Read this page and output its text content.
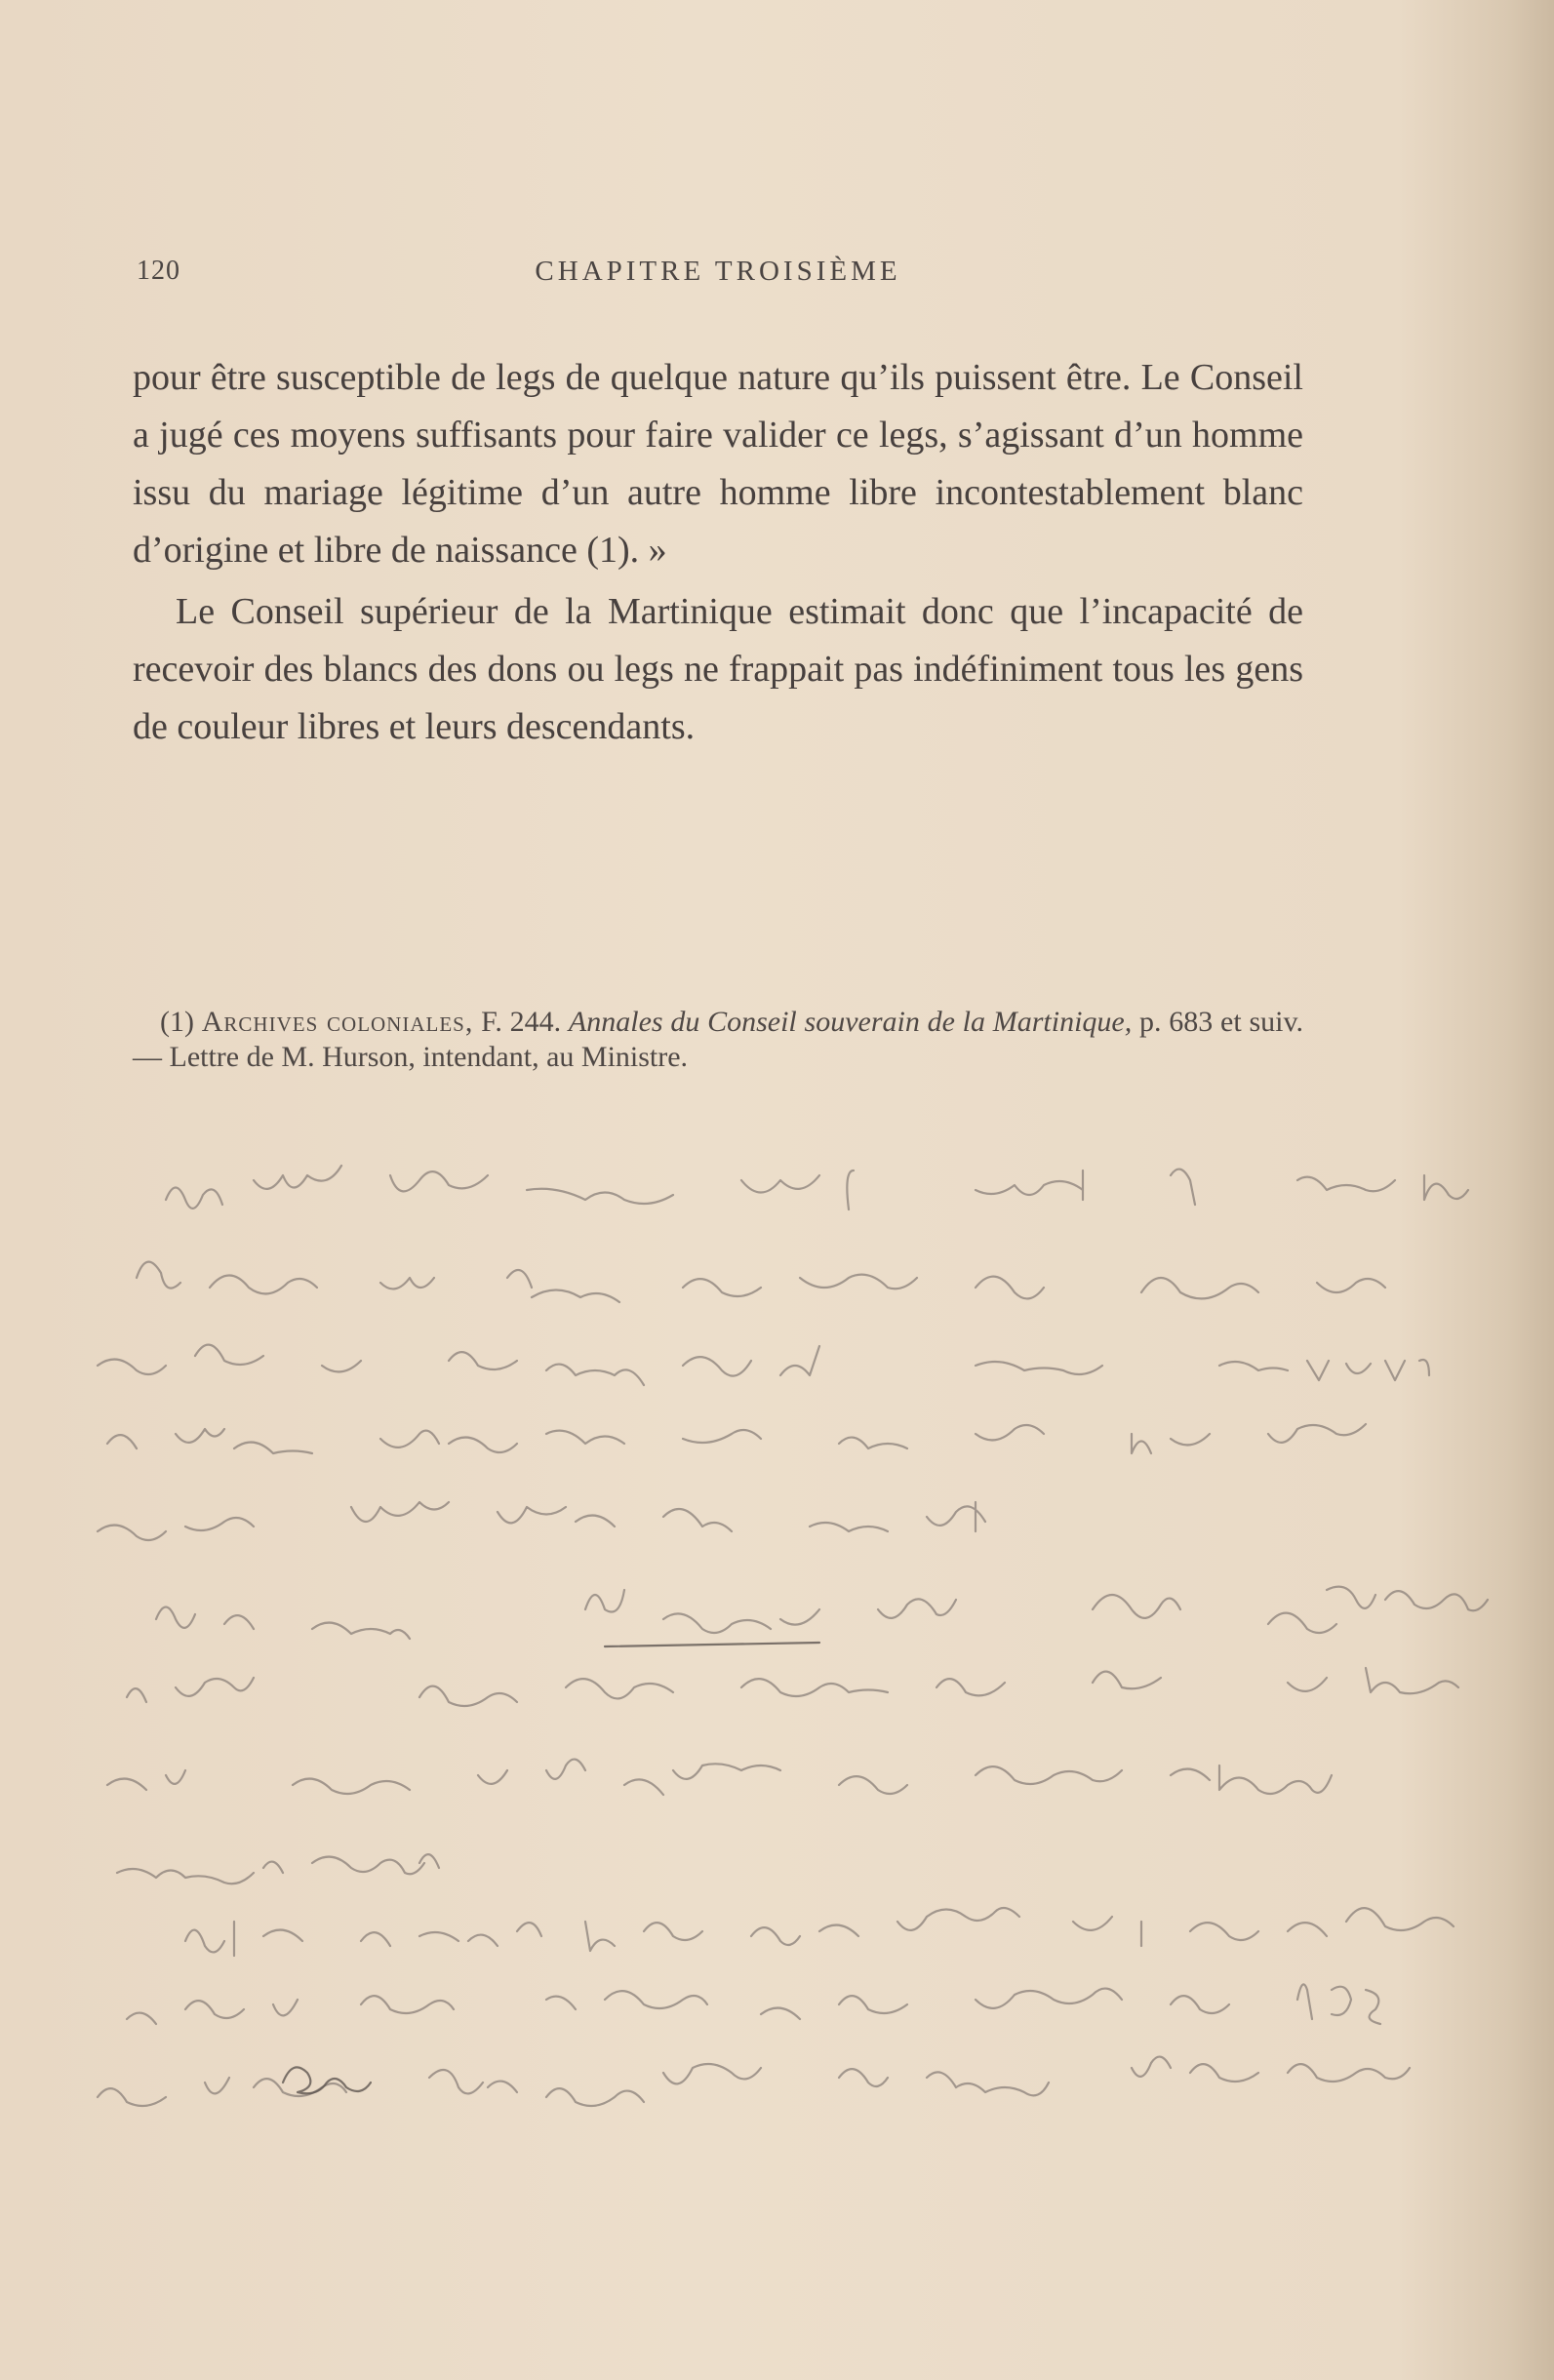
120	CHAPITRE TROISIÈME

pour être susceptible de legs de quelque nature qu’ils puissent être. Le Conseil a jugé ces moyens suffisants pour faire valider ce legs, s’agissant d’un homme issu du mariage légitime d’un autre homme libre incontestablement blanc d’origine et libre de naissance (1). »

Le Conseil supérieur de la Martinique estimait donc que l’incapacité de recevoir des blancs des dons ou legs ne frappait pas indéfiniment tous les gens de couleur libres et leurs descendants.

(1) Archives coloniales, F. 244. Annales du Conseil souverain de la Martinique, p. 683 et suiv. — Lettre de M. Hurson, intendant, au Ministre.
